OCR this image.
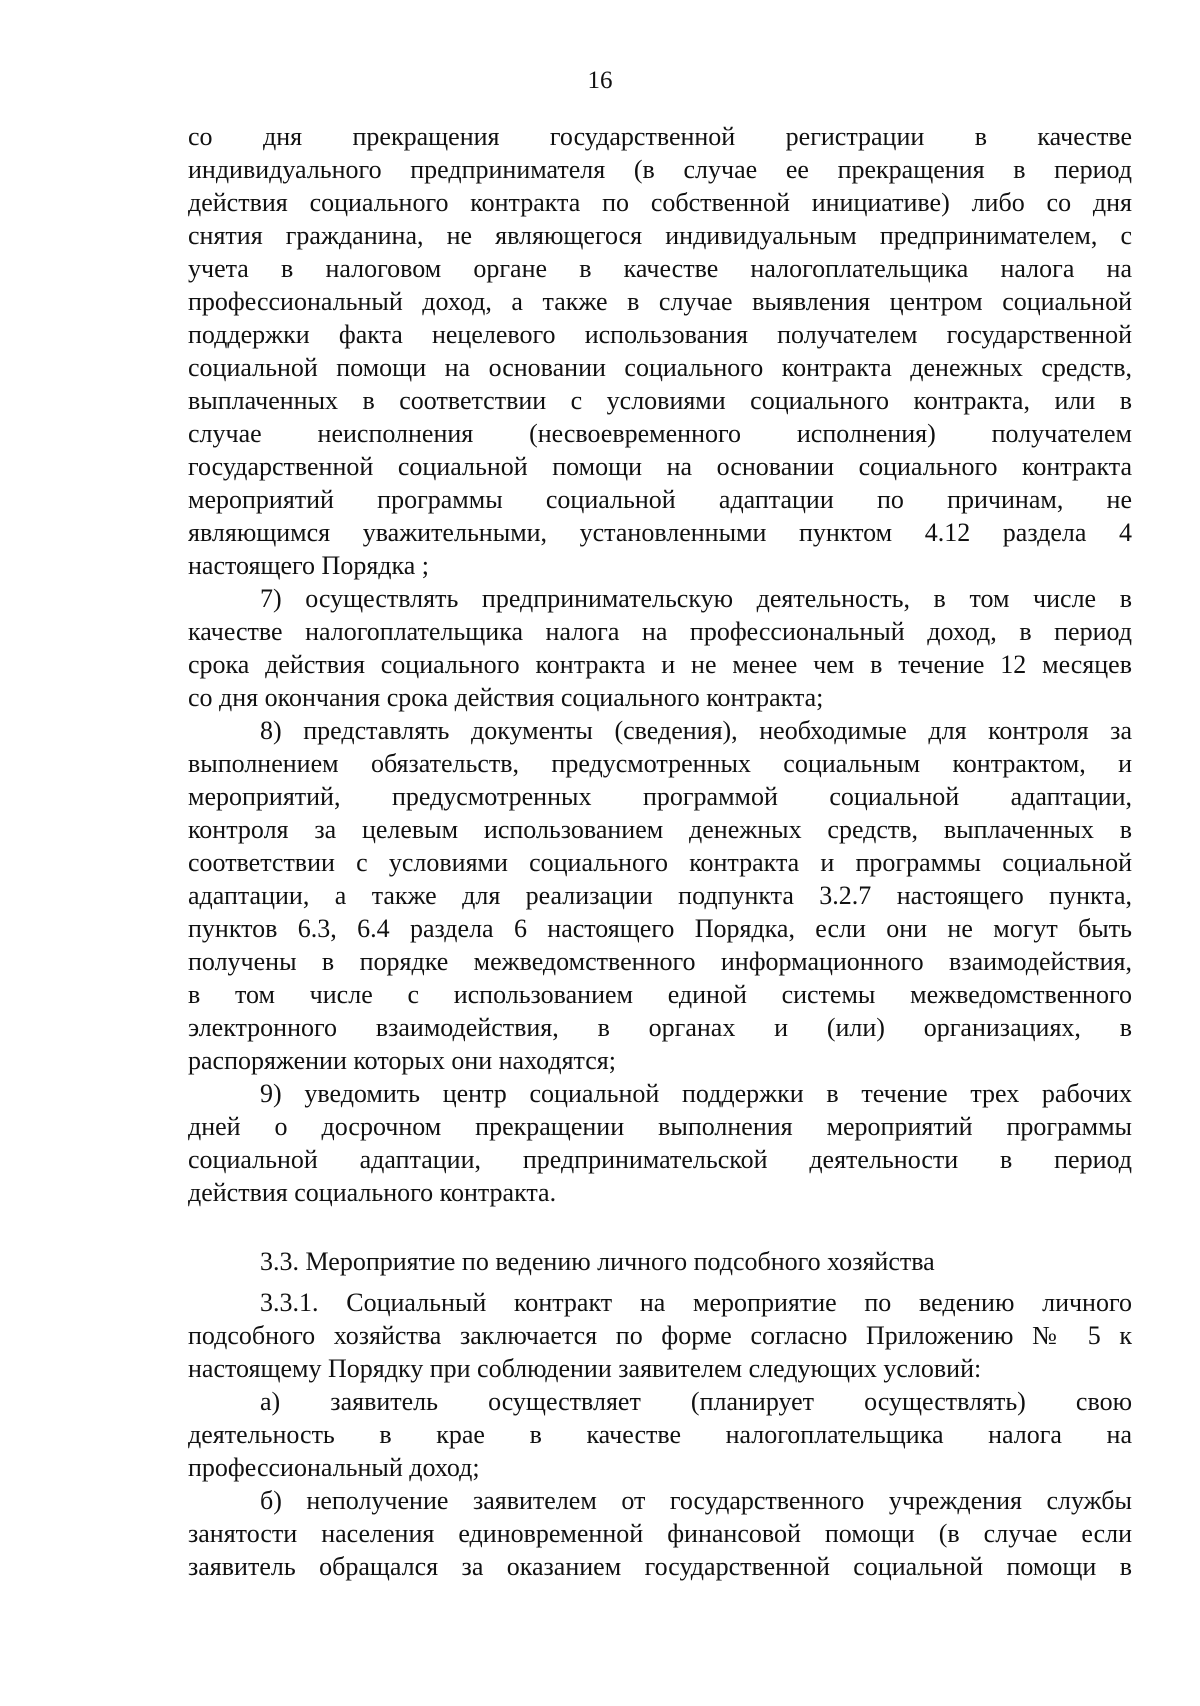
16
со дня прекращения государственной регистрации в качестве
индивидуального предпринимателя (в случае ее прекращения в период
действия социального контракта по собственной инициативе) либо со дня
снятия гражданина, не являющегося индивидуальным предпринимателем, с
учета в налоговом органе в качестве налогоплательщика налога на
профессиональный доход, а также в случае выявления центром социальной
поддержки факта нецелевого использования получателем государственной
социальной помощи на основании социального контракта денежных средств,
выплаченных в соответствии с условиями социального контракта, или в
случае неисполнения (несвоевременного исполнения) получателем
государственной социальной помощи на основании социального контракта
мероприятий программы социальной адаптации по причинам, не
являющимся уважительными, установленными пунктом 4.12 раздела 4
настоящего Порядка ;
7) осуществлять предпринимательскую деятельность, в том числе в
качестве налогоплательщика налога на профессиональный доход, в период
срока действия социального контракта и не менее чем в течение 12 месяцев
со дня окончания срока действия социального контракта;
8) представлять документы (сведения), необходимые для контроля за
выполнением обязательств, предусмотренных социальным контрактом, и
мероприятий, предусмотренных программой социальной адаптации,
контроля за целевым использованием денежных средств, выплаченных в
соответствии с условиями социального контракта и программы социальной
адаптации, а также для реализации подпункта 3.2.7 настоящего пункта,
пунктов 6.3, 6.4 раздела 6 настоящего Порядка, если они не могут быть
получены в порядке межведомственного информационного взаимодействия,
в том числе с использованием единой системы межведомственного
электронного взаимодействия, в органах и (или) организациях, в
распоряжении которых они находятся;
9) уведомить центр социальной поддержки в течение трех рабочих
дней о досрочном прекращении выполнения мероприятий программы
социальной адаптации, предпринимательской деятельности в период
действия социального контракта.
3.3. Мероприятие по ведению личного подсобного хозяйства
3.3.1. Социальный контракт на мероприятие по ведению личного
подсобного хозяйства заключается по форме согласно Приложению № 5 к
настоящему Порядку при соблюдении заявителем следующих условий:
а) заявитель осуществляет (планирует осуществлять) свою
деятельность в крае в качестве налогоплательщика налога на
профессиональный доход;
б) неполучение заявителем от государственного учреждения службы
занятости населения единовременной финансовой помощи (в случае если
заявитель обращался за оказанием государственной социальной помощи в
